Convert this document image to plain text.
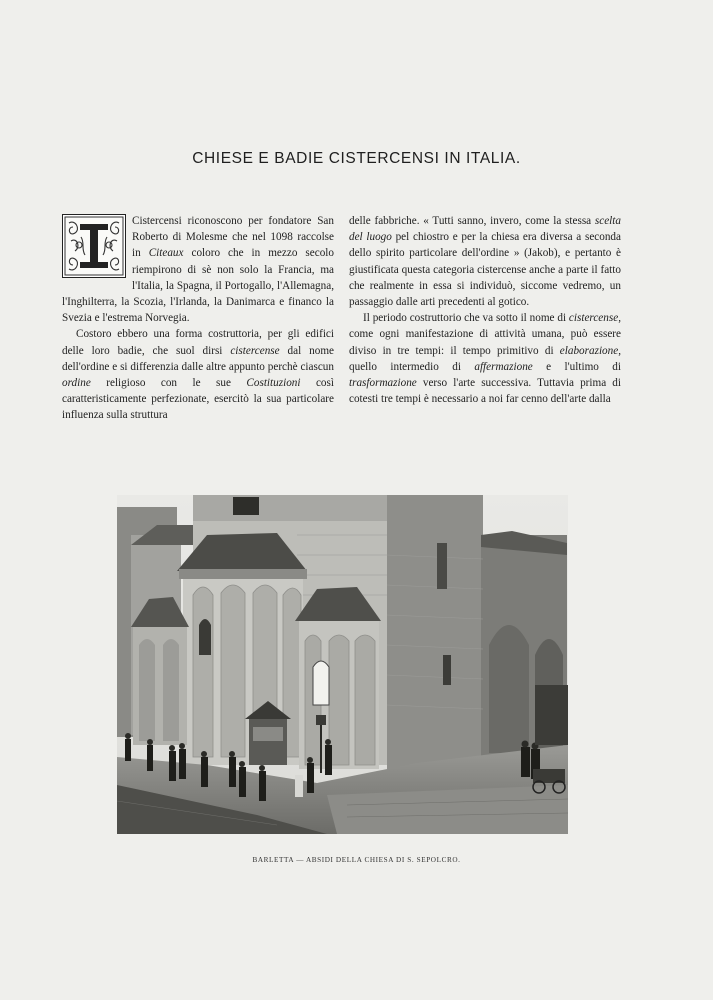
CHIESE E BADIE CISTERCENSI IN ITALIA.

Cistercensi riconoscono per fondatore San Roberto di Molesme che nel 1098 raccolse in Citeaux coloro che in mezzo secolo riempirono di sè non solo la Francia, ma l'Italia, la Spagna, il Portogallo, l'Allemagna, l'Inghilterra, la Scozia, l'Irlanda, la Danimarca e financo la Svezia e l'estrema Norvegia.

Costoro ebbero una forma costruttoria, per gli edifici delle loro badie, che suol dirsi cistercense dal nome dell'ordine e si differenzia dalle altre appunto perchè ciascun ordine religioso con le sue Costituzioni così caratteristicamente perfezionate, esercitò la sua particolare influenza sulla struttura

delle fabbriche. « Tutti sanno, invero, come la stessa scelta del luogo pel chiostro e per la chiesa era diversa a seconda dello spirito particolare dell'ordine » (Jakob), e pertanto è giustificata questa categoria cistercense anche a parte il fatto che realmente in essa si individuò, siccome vedremo, un passaggio dalle arti precedenti al gotico.

Il periodo costruttorio che va sotto il nome di cistercense, come ogni manifestazione di attività umana, può essere diviso in tre tempi: il tempo primitivo di elaborazione, quello intermedio di affermazione e l'ultimo di trasformazione verso l'arte successiva. Tuttavia prima di cotesti tre tempi è necessario a noi far cenno dell'arte dalla

BARLETTA — ABSIDI DELLA CHIESA DI S. SEPOLCRO.
